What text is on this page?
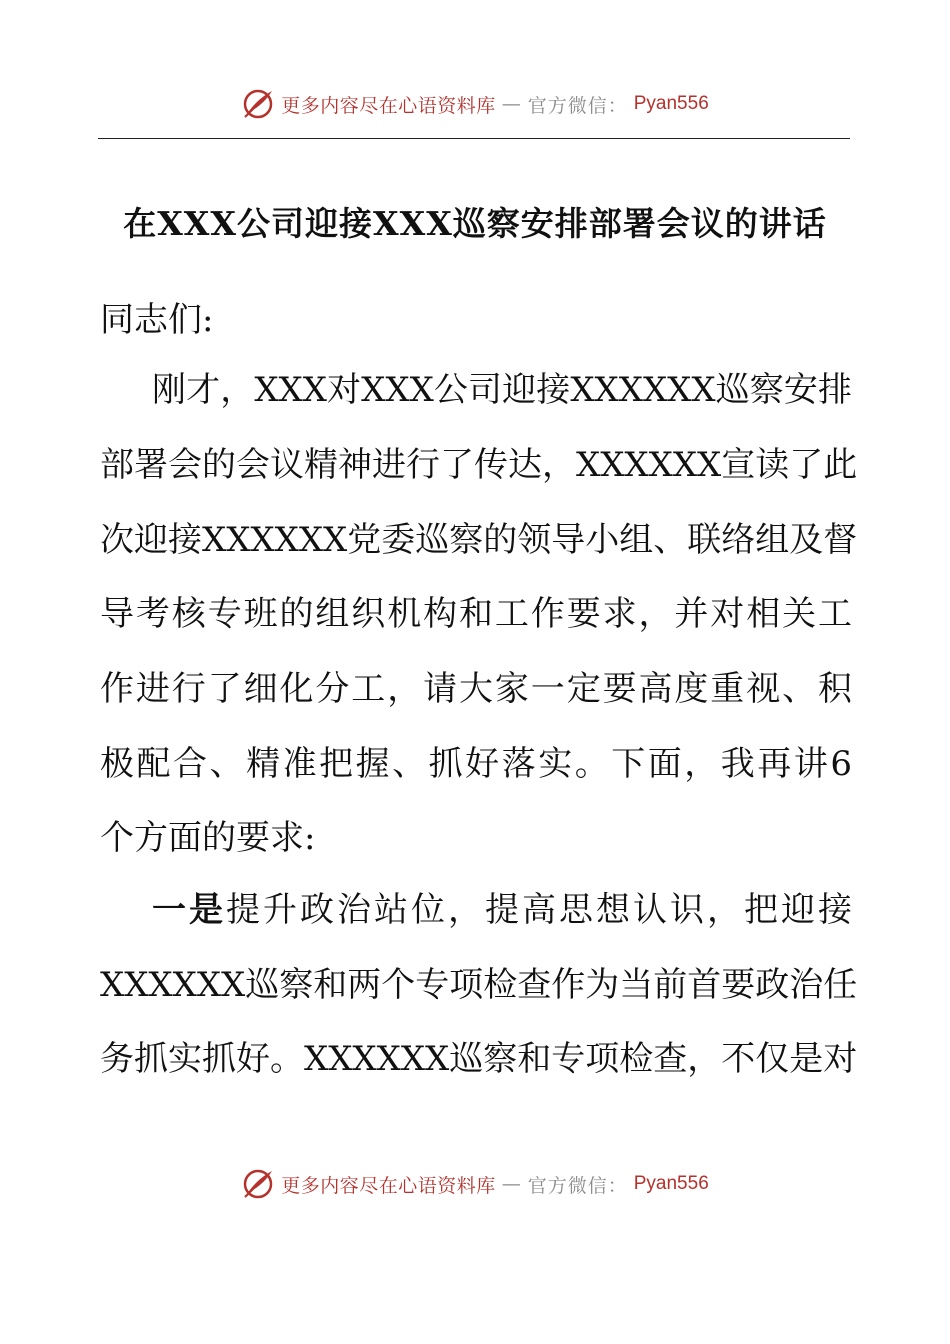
更多内容尽在心语资料库 — 官方微信： Pyan556
在XXX公司迎接XXX巡察安排部署会议的讲话
同志们:
刚才，XXX对XXX公司迎接XXXXXX巡察安排
部署会的会议精神进行了传达，XXXXXX宣读了此
次迎接XXXXXX党委巡察的领导小组、联络组及督
导考核专班的组织机构和工作要求，并对相关工
作进行了细化分工，请大家一定要高度重视、积
极配合、精准把握、抓好落实。下面，我再讲6
个方面的要求:
一是提升政治站位，提高思想认识，把迎接
XXXXXX巡察和两个专项检查作为当前首要政治任
务抓实抓好。XXXXXX巡察和专项检查，不仅是对
更多内容尽在心语资料库 — 官方微信： Pyan556
